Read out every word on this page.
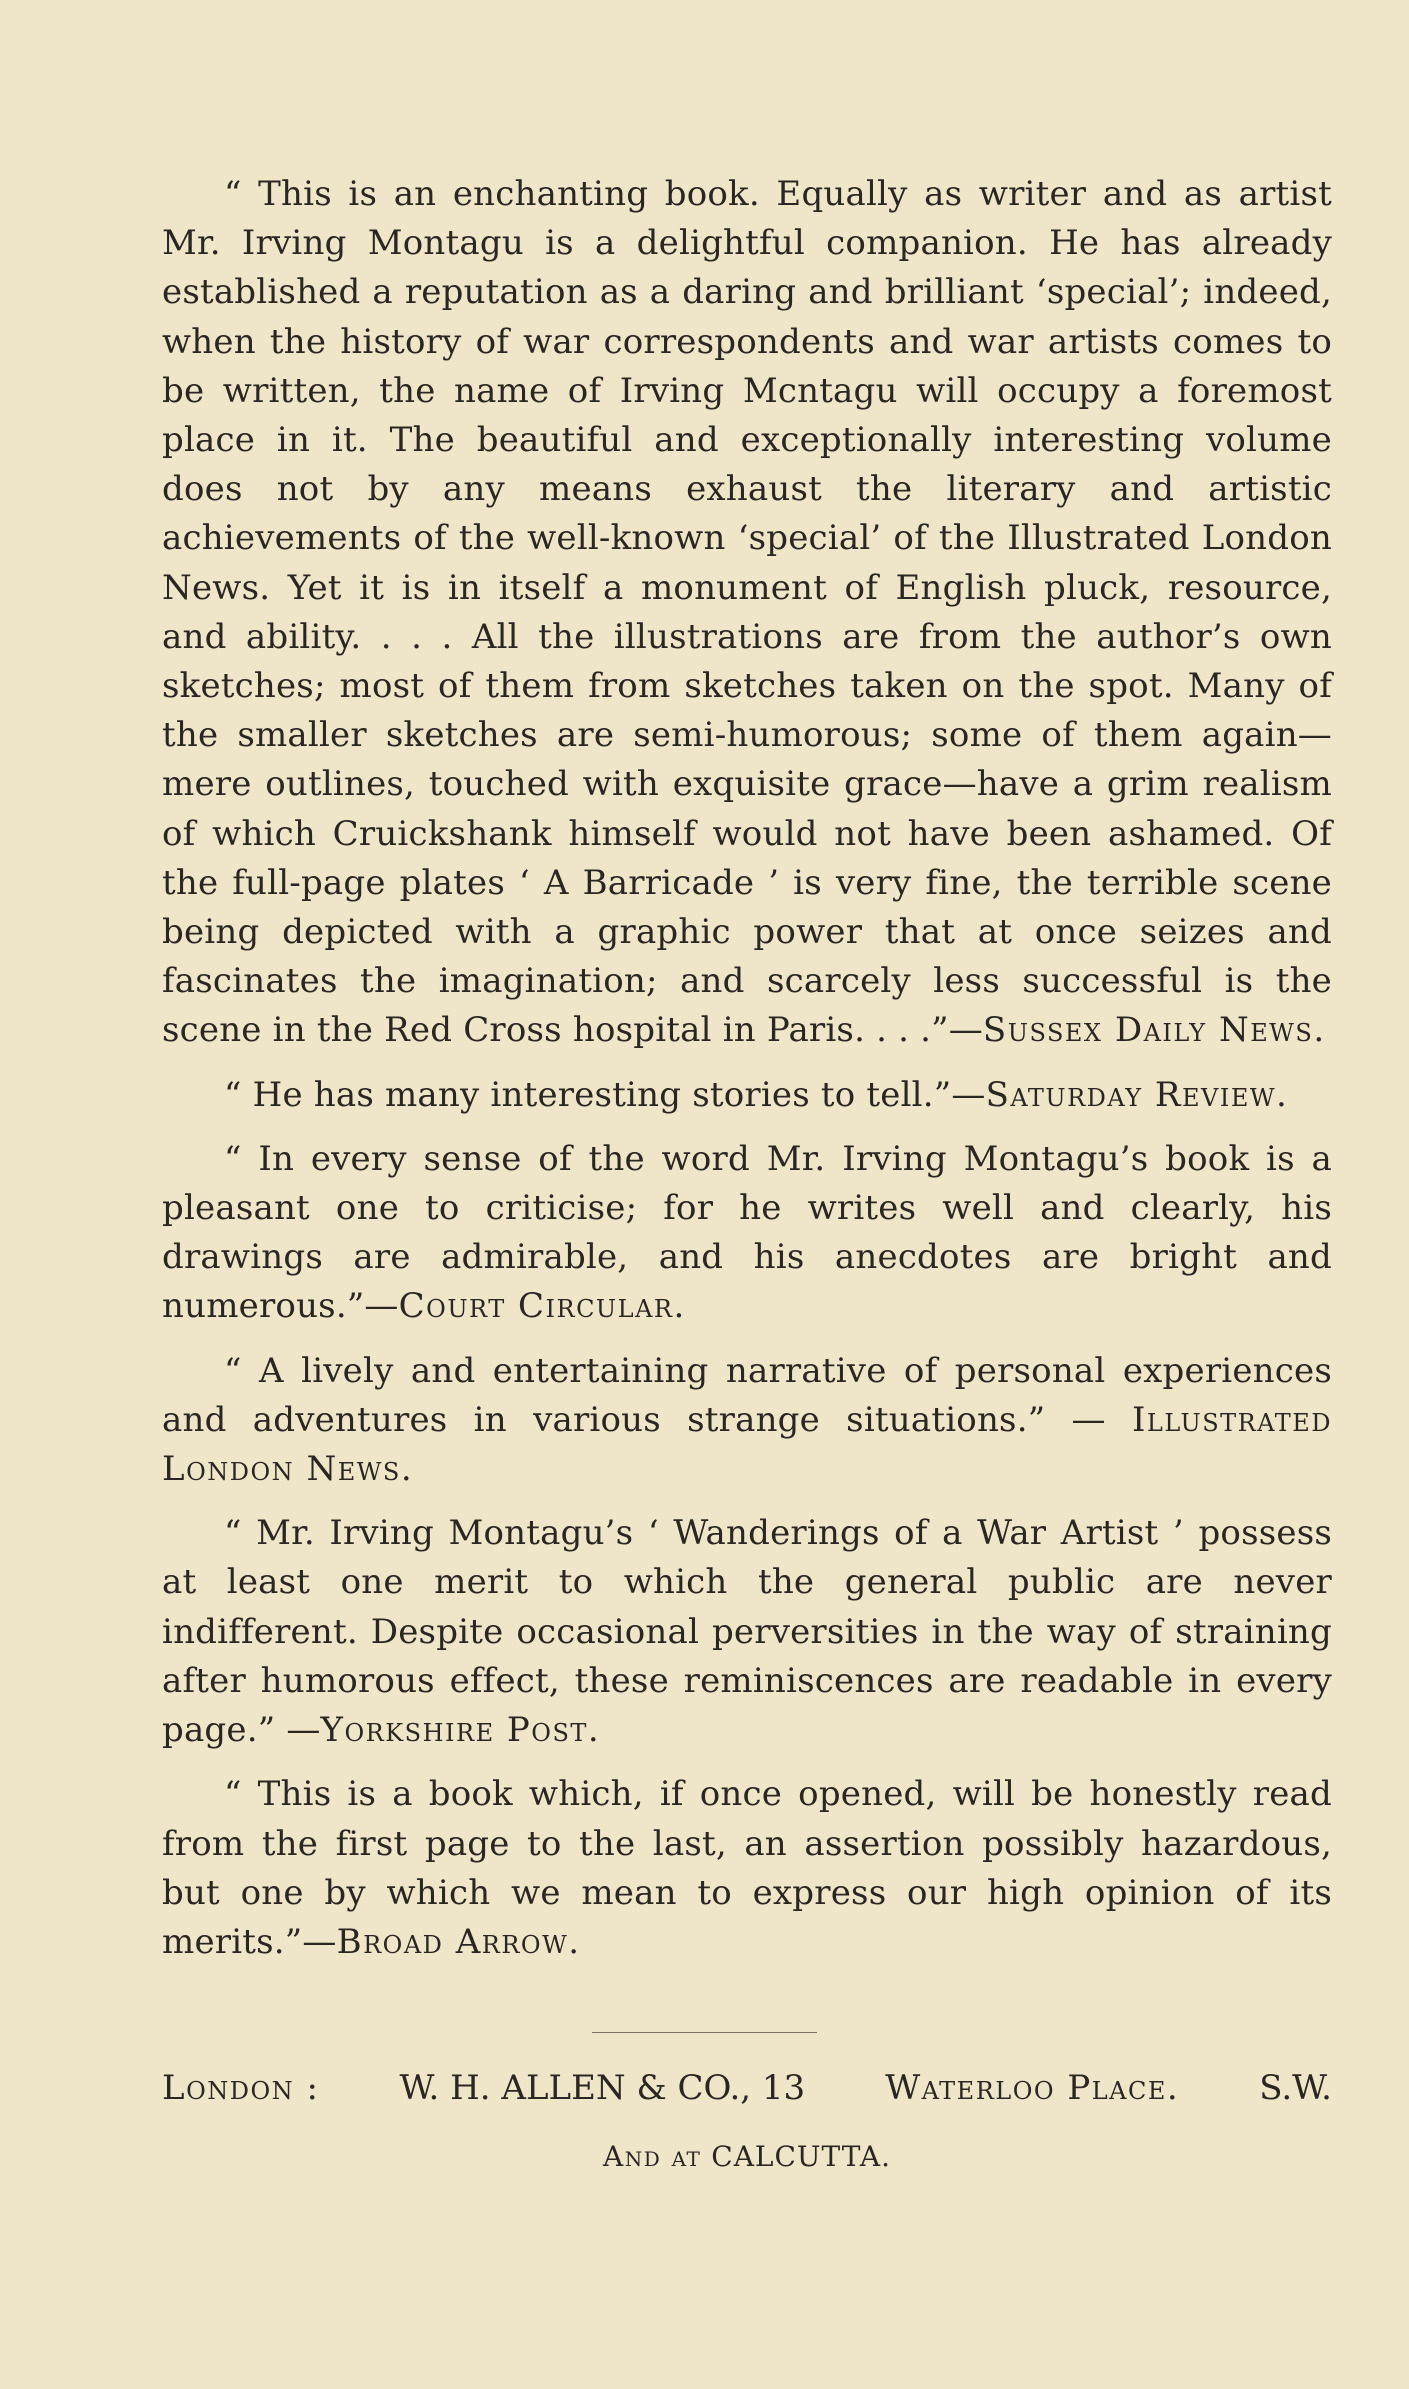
“ This is an enchanting book. Equally as writer and as artist Mr. Irving Montagu is a delightful companion. He has already established a reputation as a daring and brilliant ‘special’; indeed, when the history of war correspondents and war artists comes to be written, the name of Irving Mcntagu will occupy a foremost place in it. The beautiful and exceptionally interesting volume does not by any means exhaust the literary and artistic achievements of the well-known ‘special’ of the Illustrated London News. Yet it is in itself a monument of English pluck, resource, and ability. . . . All the illustrations are from the author’s own sketches; most of them from sketches taken on the spot. Many of the smaller sketches are semi-humorous; some of them again—mere outlines, touched with exquisite grace—have a grim realism of which Cruickshank himself would not have been ashamed. Of the full-page plates ‘ A Barricade ’ is very fine, the terrible scene being depicted with a graphic power that at once seizes and fascinates the imagination; and scarcely less successful is the scene in the Red Cross hospital in Paris. . . .”—Sussex Daily News.

“ He has many interesting stories to tell.”—Saturday Review.

“ In every sense of the word Mr. Irving Montagu’s book is a pleasant one to criticise; for he writes well and clearly, his drawings are admirable, and his anecdotes are bright and numerous.”—Court Circular.

“ A lively and entertaining narrative of personal experiences and adventures in various strange situations.” — Illustrated London News.

“ Mr. Irving Montagu’s ‘ Wanderings of a War Artist ’ possess at least one merit to which the general public are never indifferent. Despite occasional perversities in the way of straining after humorous effect, these reminiscences are readable in every page.” —Yorkshire Post.

“ This is a book which, if once opened, will be honestly read from the first page to the last, an assertion possibly hazardous, but one by which we mean to express our high opinion of its merits.”—Broad Arrow.

London : W. H. ALLEN & CO., 13 Waterloo Place. S.W.
And at CALCUTTA.
